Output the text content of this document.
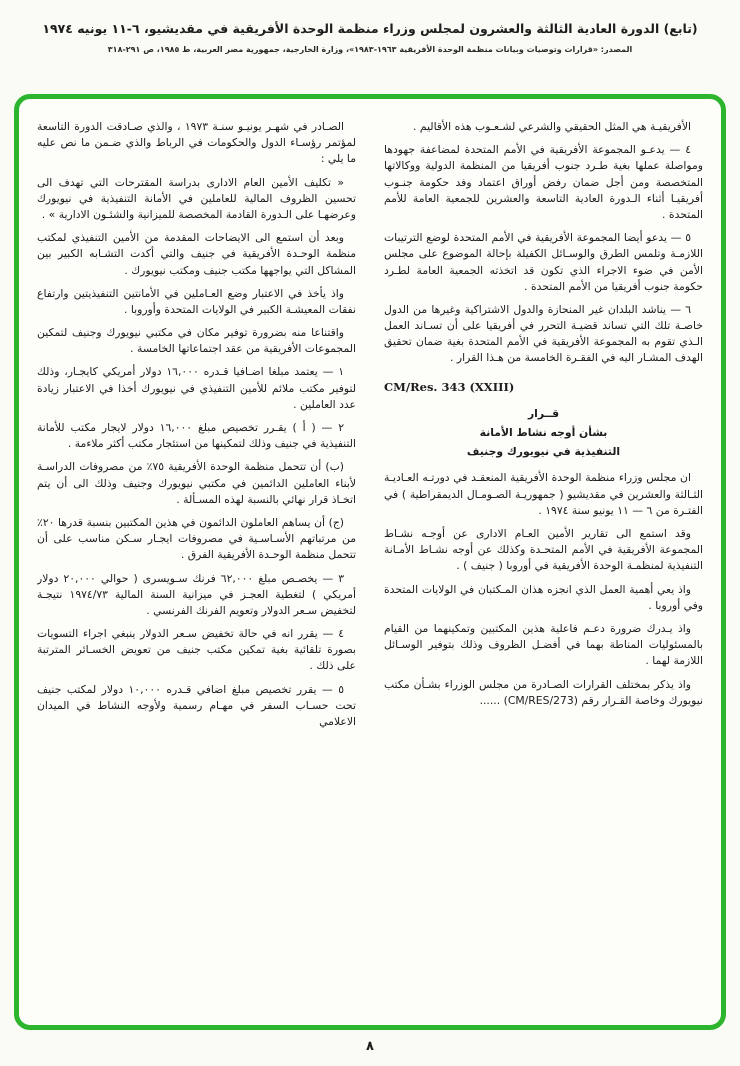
(تابع) الدورة العادية الثالثة والعشرون لمجلس وزراء منظمة الوحدة الأفريقية في مقديشيو، ٦-١١ يونيه ١٩٧٤
المصدر: «قرارات وتوصيات وبيانات منظمة الوحدة الأفريقية ١٩٦٣-١٩٨٣»، وزارة الخارجية، جمهورية مصر العربية، ط ١٩٨٥، ص ٢٩١-٣١٨

الأفريقيـة هي المثل الحقيقي والشرعي لشـعـوب هذه الأقاليم .

٤ — يدعـو المجموعة الأفريقية في الأمم المتحدة لمضاعفة جهودها ومواصلة عملها بغية طـرد جنوب أفريقيا من المنظمة الدولية ووكالاتها المتخصصة ومن أجل ضمان رفض أوراق اعتماد وفد حكومة جنـوب أفريقيـا أثناء الـدورة العادية التاسعة والعشرين للجمعية العامة للأمم المتحدة .

٥ — يدعو أيضا المجموعة الأفريقية في الأمم المتحدة لوضع الترتيبات اللازمـة وتلمس الطرق والوسـائل الكفيلة بإحالة الموضوع على مجلس الأمن في ضوء الاجراء الذي تكون قد اتخذته الجمعية العامة لطـرد حكومة جنوب أفريقيا من الأمم المتحدة .

٦ — يناشد البلدان غير المنحازة والدول الاشتراكية وغيرها من الدول خاصـة تلك التي تساند قضيـة التحرر في أفريقيا على أن تسـاند العمل الـذي تقوم به المجموعة الأفريقية في الأمم المتحدة بغية ضمان تحقيق الهدف المشـار اليه في الفقـرة الخامسة من هـذا القرار .

CM/Res. 343 (XXIII)
قــرار
بشأن أوجه نشاط الأمانة
التنفيذية في نيويورك وجنيف

ان مجلس وزراء منظمة الوحدة الأفريقية المنعقـد في دورتـه العـاديـة الثـالثة والعشرين في مقديشيو ( جمهوريـة الصـومـال الديمقراطية ) في الفتـرة من ٦ — ١١ يونيو سنة ١٩٧٤ .

وقد استمع الى تقارير الأمين العـام الادارى عن أوجـه نشـاط المجموعة الأفريقية في الأمم المتحـدة وكذلك عن أوجه نشـاط الأمـانة التنفيذية لمنظمـة الوحدة الأفريقية في أوروبا ( جنيف ) .

واذ يعي أهمية العمل الذي انجزه هذان المـكتبان في الولايات المتحدة وفي أوروبا .

واذ يـدرك ضرورة دعـم فاعلية هذين المكتبين وتمكينهما من القيام بالمسئوليات المناطة بهما في أفضـل الظروف وذلك بتوفير الوسـائل اللازمة لهما .

واذ يذكر بمختلف القرارات الصـادرة من مجلس الوزراء بشـأن مكتب نيويورك وخاصة القـرار رقم (CM/RES/273) ......

الصـادر في شهـر يونيـو سنـة ١٩٧٣ ، والذي صـادقت الدورة التاسعة لمؤتمر رؤسـاء الدول والحكومات في الرباط والذي ضـمن ما نص عليه ما يلي :

« تكليف الأمين العام الادارى بدراسة المقترحات التي تهدف الى تحسين الظروف المالية للعاملين في الأمانة التنفيذية في نيويورك وعرضهـا على الـدورة القادمة المخصصة للميزانية والشئـون الادارية » .

وبعد أن استمع الى الايضاحات المقدمة من الأمين التنفيذي لمكتب منظمة الوحـدة الأفريقية في جنيف والتي أكدت التشـابه الكبير بين المشاكل التي يواجهها مكتب جنيف ومكتب نيويورك .

واذ يأخذ في الاعتبار وضع العـاملين في الأمانتين التنفيذيتين وارتفاع نفقات المعيشـة الكبير في الولايات المتحدة وأوروبا .

واقتناعا منه بضرورة توفير مكان في مكتبي نيويورك وجنيف لتمكين المجموعات الأفريقية من عقد اجتماعاتها الخامسة .

١ — يعتمد مبلغا اضـافيا قـدره ١٦,٠٠٠ دولار أمريكي كايجـار، وذلك لتوفير مكتب ملائم للأمين التنفيذي في نيويورك أخذا في الاعتبار زيادة عدد العاملين .

٢ — ( أ ) يقـرر تخصيص مبلغ ١٦,٠٠٠ دولار لايجار مكتب للأمانة التنفيذية في جنيف وذلك لتمكينها من استئجار مكتب أكثر ملاءمة .

(ب) أن تتحمل منظمة الوحدة الأفريقية ٧٥٪ من مصروفات الدراسـة لأبناء العاملين الدائمين في مكتبي نيويورك وجنيف وذلك الى أن يتم اتخـاذ قرار نهائي بالنسبة لهذه المسـألة .

(ج) أن يساهم العاملون الدائمون في هذين المكتبين بنسبة قدرها ٢٠٪ من مرتباتهم الأسـاسـية في مصروفات ايجـار سـكن مناسب على أن تتحمل منظمة الوحـدة الأفريقية الفرق .

٣ — يخصـص مبلغ ٦٢,٠٠٠ فرنك سـويسرى ( حوالي ٢٠,٠٠٠ دولار أمريكي ) لتغطية العجـز في ميزانية السنة المالية ١٩٧٤/٧٣ نتيجـة لتخفيض سـعر الدولار وتعويم الفرنك الفرنسي .

٤ — يقرر انه في حالة تخفيض سـعر الدولار ينبغي اجراء التسويات بصورة تلقائية بغية تمكين مكتب جنيف من تعويض الخسـائر المترتبة على ذلك .

٥ — يقرر تخصيص مبلغ اضافي قـدره ١٠,٠٠٠ دولار لمكتب جنيف تحت حسـاب السفر في مهـام رسمية ولأوجه النشاط في الميدان الاعلامي

٨
